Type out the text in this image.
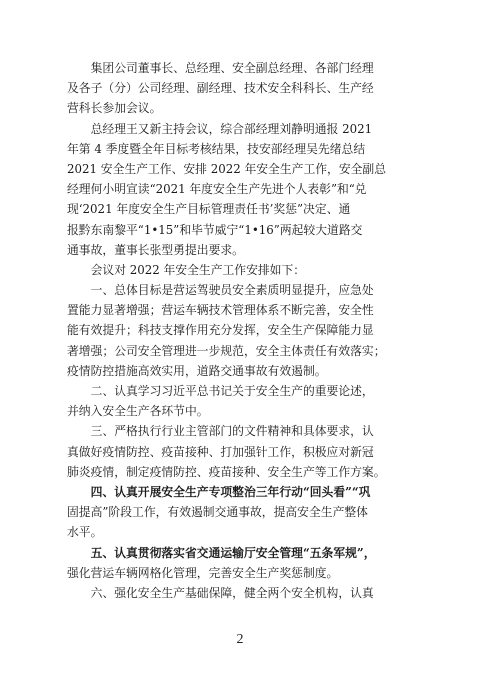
集团公司董事长、总经理、安全副总经理、各部门经理
及各子（分）公司经理、副经理、技术安全科科长、生产经
营科长参加会议。
总经理王又新主持会议，综合部经理刘静明通报 2021
年第 4 季度暨全年目标考核结果，技安部经理吴先绪总结
2021 安全生产工作、安排 2022 年安全生产工作，安全副总
经理何小明宣读“2021 年度安全生产先进个人表彰”和“兑
现‘2021 年度安全生产目标管理责任书’奖惩”决定、通
报黔东南黎平“1•15”和毕节威宁“1•16”两起较大道路交
通事故，董事长张型勇提出要求。
会议对 2022 年安全生产工作安排如下：
一、总体目标是营运驾驶员安全素质明显提升，应急处
置能力显著增强；营运车辆技术管理体系不断完善，安全性
能有效提升；科技支撑作用充分发挥，安全生产保障能力显
著增强；公司安全管理进一步规范，安全主体责任有效落实；
疫情防控措施高效实用，道路交通事故有效遏制。
二、认真学习习近平总书记关于安全生产的重要论述，
并纳入安全生产各环节中。
三、严格执行行业主管部门的文件精神和具体要求，认
真做好疫情防控、疫苗接种、打加强针工作，积极应对新冠
肺炎疫情，制定疫情防控、疫苗接种、安全生产等工作方案。
四、认真开展安全生产专项整治三年行动“回头看”“巩
固提高”阶段工作，有效遏制交通事故，提高安全生产整体
水平。
五、认真贯彻落实省交通运输厅安全管理“五条军规”，
强化营运车辆网格化管理，完善安全生产奖惩制度。
六、强化安全生产基础保障，健全两个安全机构，认真
2
